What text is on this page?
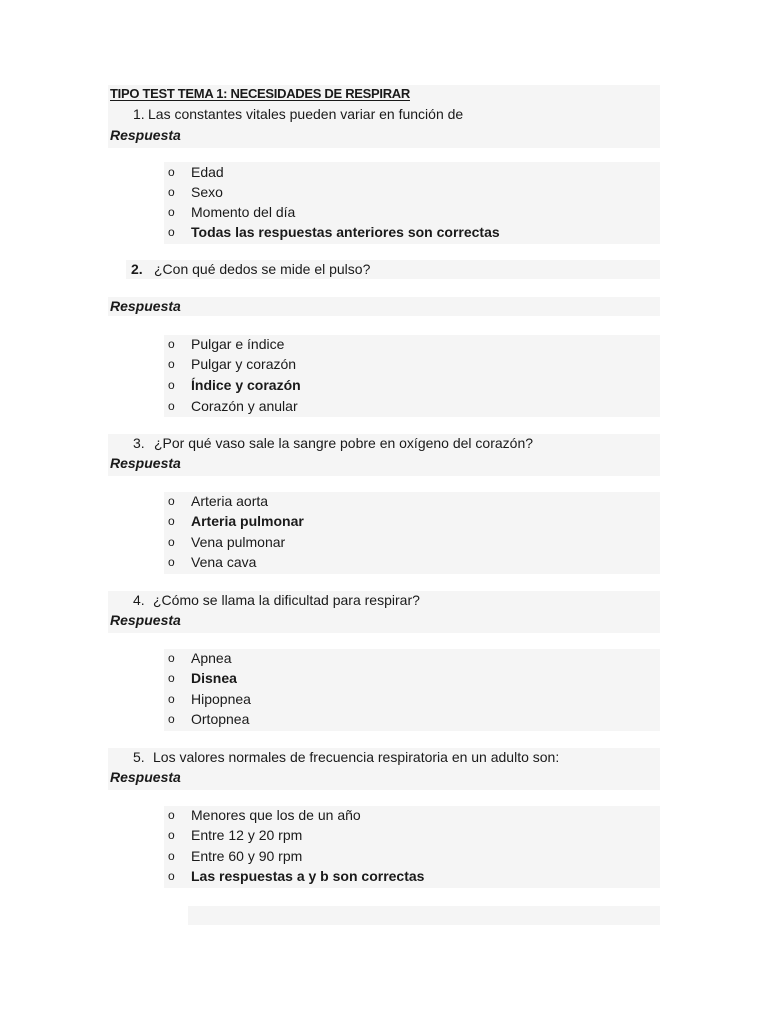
TIPO TEST TEMA 1: NECESIDADES DE RESPIRAR
1. Las constantes vitales pueden variar en función de
Respuesta
o Edad
o Sexo
o Momento del día
o Todas las respuestas anteriores son correctas
2. ¿Con qué dedos se mide el pulso?
Respuesta
o Pulgar e índice
o Pulgar y corazón
o Índice y corazón
o Corazón y anular
3. ¿Por qué vaso sale la sangre pobre en oxígeno del corazón?
Respuesta
o Arteria aorta
o Arteria pulmonar
o Vena pulmonar
o Vena cava
4. ¿Cómo se llama la dificultad para respirar?
Respuesta
o Apnea
o Disnea
o Hipopnea
o Ortopnea
5. Los valores normales de frecuencia respiratoria en un adulto son:
Respuesta
o Menores que los de un año
o Entre 12 y 20 rpm
o Entre 60 y 90 rpm
o Las respuestas a y b son correctas
